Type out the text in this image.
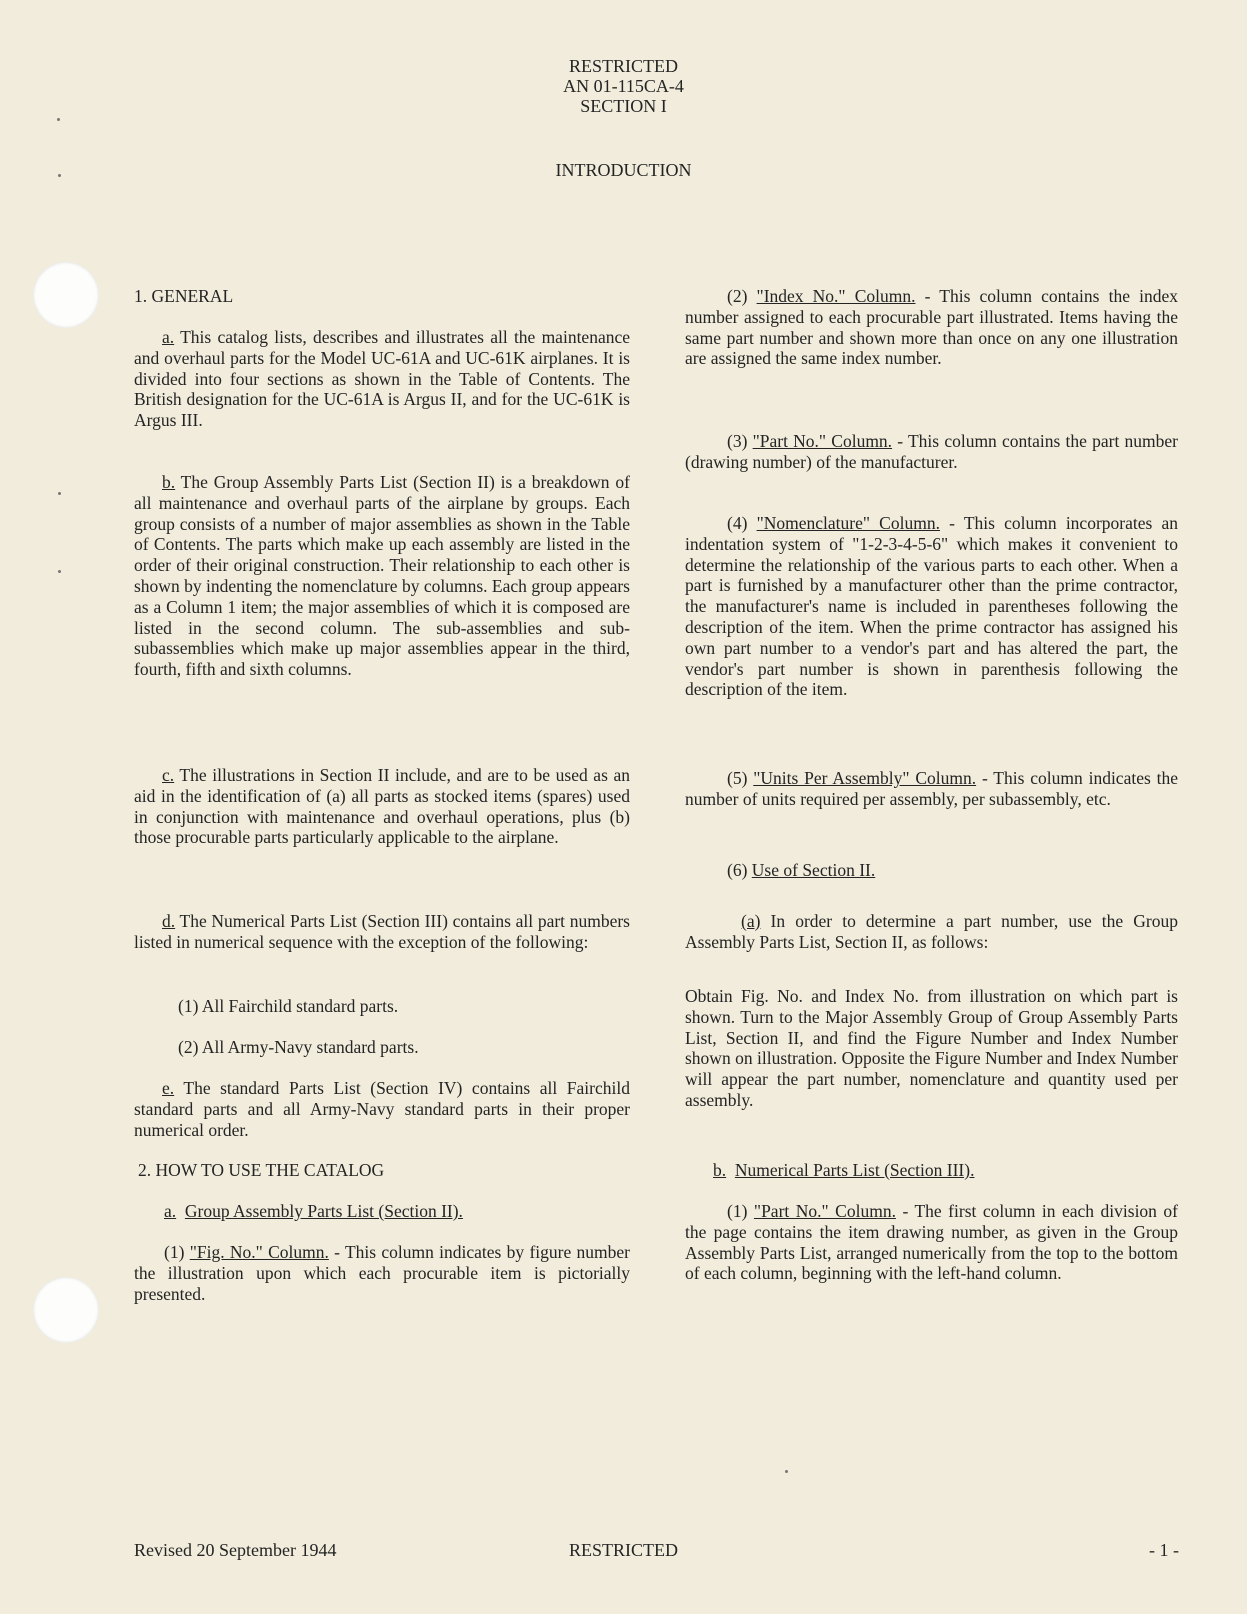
RESTRICTED
AN 01-115CA-4
SECTION I
INTRODUCTION
1. GENERAL

a. This catalog lists, describes and illustrates all the maintenance and overhaul parts for the Model UC-61A and UC-61K airplanes. It is divided into four sections as shown in the Table of Contents. The British designation for the UC-61A is Argus II, and for the UC-61K is Argus III.

b. The Group Assembly Parts List (Section II) is a breakdown of all maintenance and overhaul parts of the airplane by groups. Each group consists of a number of major assemblies as shown in the Table of Contents. The parts which make up each assembly are listed in the order of their original construction. Their relationship to each other is shown by indenting the nomenclature by columns. Each group appears as a Column 1 item; the major assemblies of which it is composed are listed in the second column. The sub-assemblies and sub-subassemblies which make up major assemblies appear in the third, fourth, fifth and sixth columns.

c. The illustrations in Section II include, and are to be used as an aid in the identification of (a) all parts as stocked items (spares) used in conjunction with maintenance and overhaul operations, plus (b) those procurable parts particularly applicable to the airplane.

d. The Numerical Parts List (Section III) contains all part numbers listed in numerical sequence with the exception of the following:

(1) All Fairchild standard parts.
(2) All Army-Navy standard parts.

e. The standard Parts List (Section IV) contains all Fairchild standard parts and all Army-Navy standard parts in their proper numerical order.

2. HOW TO USE THE CATALOG
a. Group Assembly Parts List (Section II).

(1) "Fig. No." Column. - This column indicates by figure number the illustration upon which each procurable item is pictorially presented.

(2) "Index No." Column. - This column contains the index number assigned to each procurable part illustrated. Items having the same part number and shown more than once on any one illustration are assigned the same index number.

(3) "Part No." Column. - This column contains the part number (drawing number) of the manufacturer.

(4) "Nomenclature" Column. - This column incorporates an indentation system of "1-2-3-4-5-6" which makes it convenient to determine the relationship of the various parts to each other. When a part is furnished by a manufacturer other than the prime contractor, the manufacturer's name is included in parentheses following the description of the item. When the prime contractor has assigned his own part number to a vendor's part and has altered the part, the vendor's part number is shown in parenthesis following the description of the item.

(5) "Units Per Assembly" Column. - This column indicates the number of units required per assembly, per subassembly, etc.

(6) Use of Section II.

(a) In order to determine a part number, use the Group Assembly Parts List, Section II, as follows:

Obtain Fig. No. and Index No. from illustration on which part is shown. Turn to the Major Assembly Group of Group Assembly Parts List, Section II, and find the Figure Number and Index Number shown on illustration. Opposite the Figure Number and Index Number will appear the part number, nomenclature and quantity used per assembly.
b. Numerical Parts List (Section III).

(1) "Part No." Column. - The first column in each division of the page contains the item drawing number, as given in the Group Assembly Parts List, arranged numerically from the top to the bottom of each column, beginning with the left-hand column.

Revised 20 September 1944	RESTRICTED	- 1 -
